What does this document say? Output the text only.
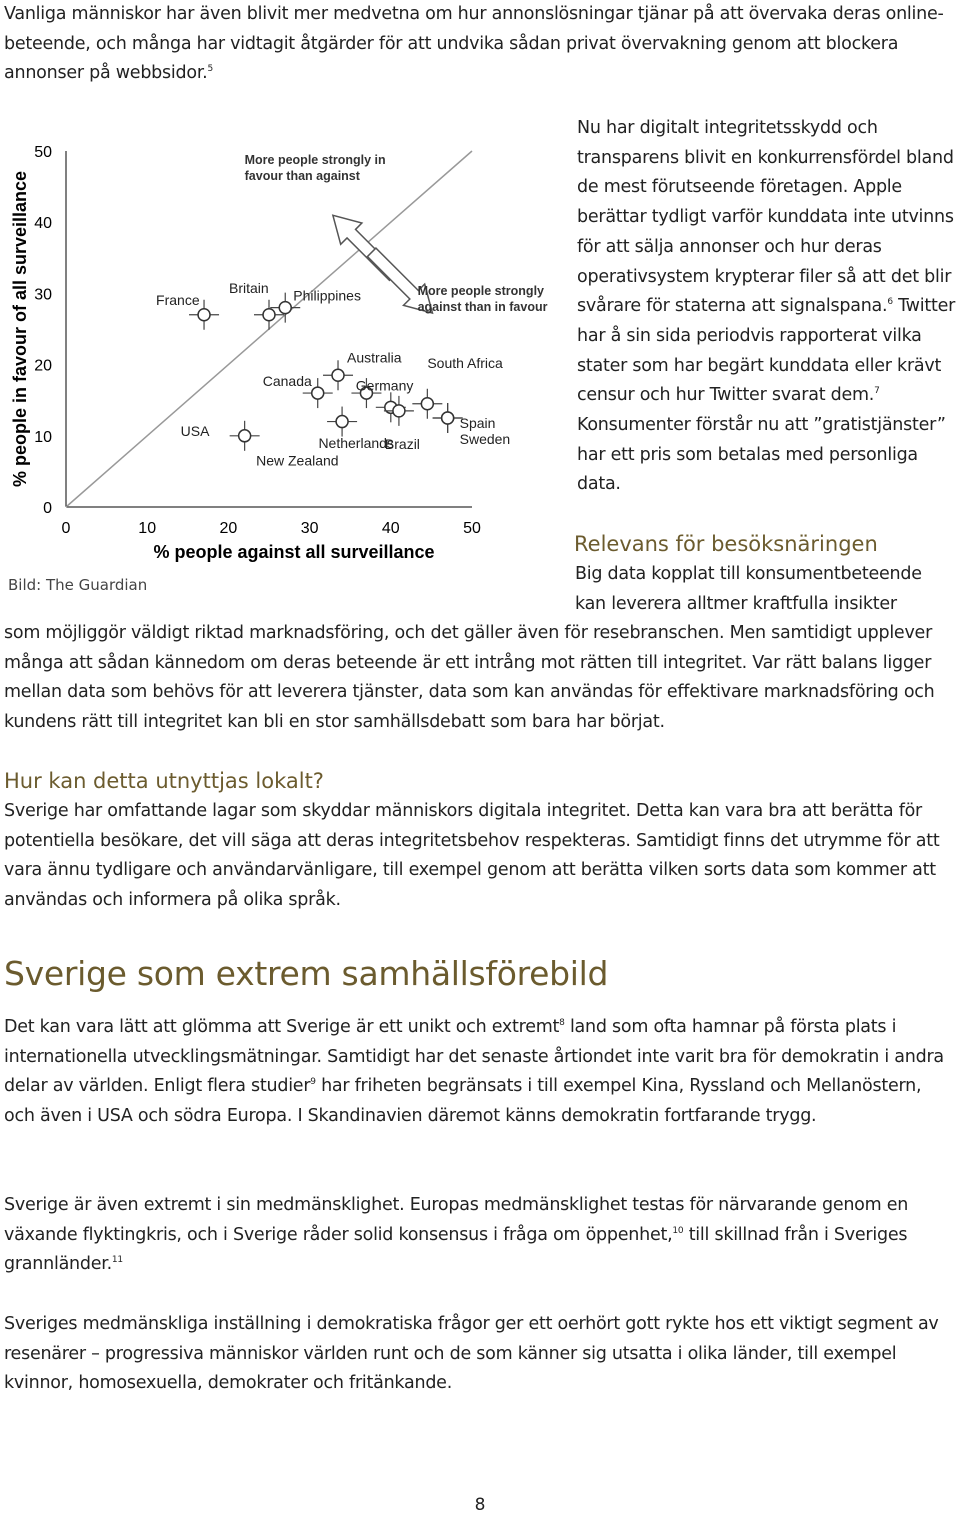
Vanliga människor har även blivit mer medvetna om hur annonslösningar tjänar på att övervaka deras online-beteende, och många har vidtagit åtgärder för att undvika sådan privat övervakning genom att blockera annonser på webbsidor.$^5$

0	10	20	30	40	50
0
10
20
30
40
50
% people against all surveillance
% people in favour of all surveillance
More people strongly in favour than against
More people strongly against than in favour
France
Britain Philippines
USA
Canada
Australia
New Zealand
Netherlands
South Africa
Germany
Brazil
Spain
Sweden

Bild: The Guardian

Nu har digitalt integritetsskydd och transparens blivit en konkurrensfördel bland de mest förutseende företagen. Apple berättar tydligt varför kunddata inte utvinns för att sälja annonser och hur deras operativsystem krypterar filer så att det blir svårare för staterna att signalspana.$^6$ Twitter har å sin sida periodvis rapporterat vilka stater som har begärt kunddata eller krävt censur och hur Twitter svarat dem.$^7$ Konsumenter förstår nu att ”gratistjänster” har ett pris som betalas med personliga data.

Relevans för besöksnäringen

Big data kopplat till konsumentbeteende
kan leverera alltmer kraftfulla insikter

som möjliggör väldigt riktad marknadsföring, och det gäller även för resebranschen. Men samtidigt upplever många att sådan kännedom om deras beteende är ett intrång mot rätten till integritet. Var rätt balans ligger mellan data som behövs för att leverera tjänster, data som kan användas för effektivare marknadsföring och kundens rätt till integritet kan bli en stor samhällsdebatt som bara har börjat.

Hur kan detta utnyttjas lokalt?

Sverige har omfattande lagar som skyddar människors digitala integritet. Detta kan vara bra att berätta för potentiella besökare, det vill säga att deras integritetsbehov respekteras. Samtidigt finns det utrymme för att vara ännu tydligare och användarvänligare, till exempel genom att berätta vilken sorts data som kommer att användas och informera på olika språk.

Sverige som extrem samhällsförebild

Det kan vara lätt att glömma att Sverige är ett unikt och extremt$^8$ land som ofta hamnar på första plats i internationella utvecklingsmätningar. Samtidigt har det senaste årtiondet inte varit bra för demokratin i andra delar av världen. Enligt flera studier$^9$ har friheten begränsats i till exempel Kina, Ryssland och Mellanöstern, och även i USA och södra Europa. I Skandinavien däremot känns demokratin fortfarande trygg.

Sverige är även extremt i sin medmänsklighet. Europas medmänsklighet testas för närvarande genom en växande flyktingkris, och i Sverige råder solid konsensus i fråga om öppenhet,$^{10}$ till skillnad från i Sveriges grannländer.$^{11}$

Sveriges medmänskliga inställning i demokratiska frågor ger ett oerhört gott rykte hos ett viktigt segment av resenärer – progressiva människor världen runt och de som känner sig utsatta i olika länder, till exempel kvinnor, homosexuella, demokrater och fritänkande.

8
